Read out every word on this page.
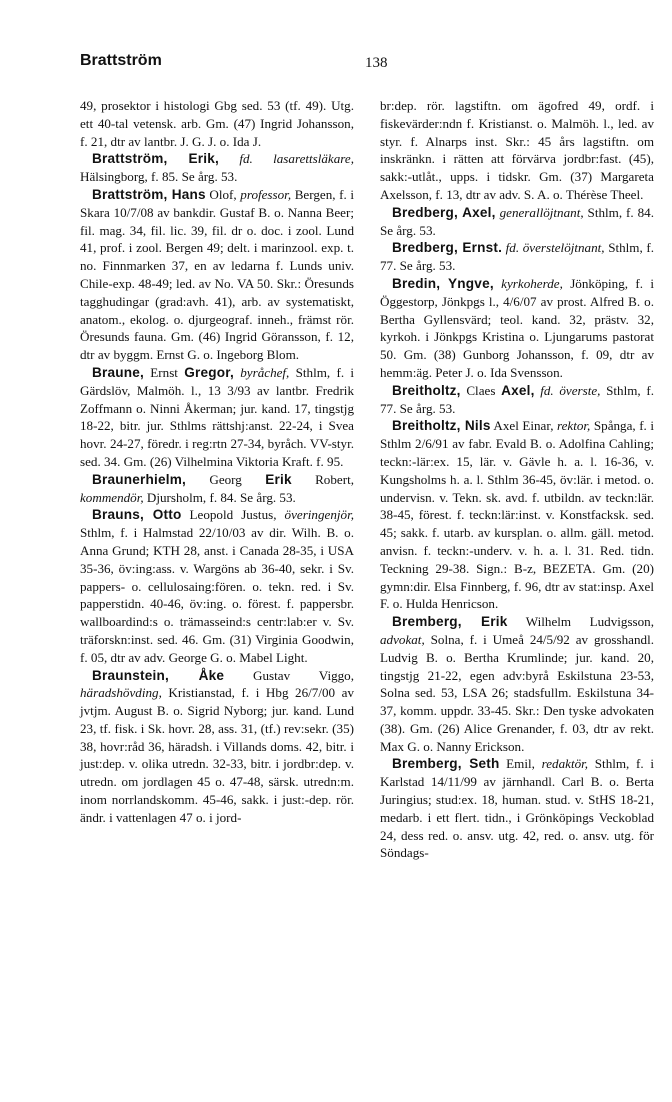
Brattström	138

49, prosektor i histologi Gbg sed. 53 (tf. 49). Utg. ett 40-tal vetensk. arb. Gm. (47) Ingrid Johansson, f. 21, dtr av lantbr. J. G. J. o. Ida J.

Brattström, Erik, fd. lasarettsläkare, Hälsingborg, f. 85. Se årg. 53.

Brattström, Hans Olof, professor, Bergen, f. i Skara 10/7/08 av bankdir. Gustaf B. o. Nanna Beer; fil. mag. 34, fil. lic. 39, fil. dr o. doc. i zool. Lund 41, prof. i zool. Bergen 49; delt. i marinzool. exp. t. no. Finnmarken 37, en av ledarna f. Lunds univ. Chile-exp. 48-49; led. av No. VA 50. Skr.: Öresunds tagghudingar (grad:avh. 41), arb. av systematiskt, anatom., ekolog. o. djurgeograf. inneh., främst rör. Öresunds fauna. Gm. (46) Ingrid Göransson, f. 12, dtr av byggm. Ernst G. o. Ingeborg Blom.

Braune, Ernst Gregor, byråchef, Sthlm, f. i Gärdslöv, Malmöh. l., 13 3/93 av lantbr. Fredrik Zoffmann o. Ninni Åkerman; jur. kand. 17, tingstjg 18-22, bitr. jur. Sthlms rättshj:anst. 22-24, i Svea hovr. 24-27, föredr. i reg:rtn 27-34, byråch. VV-styr. sed. 34. Gm. (26) Vilhelmina Viktoria Kraft. f. 95.

Braunerhielm, Georg Erik Robert, kommendör, Djursholm, f. 84. Se årg. 53.

Brauns, Otto Leopold Justus, överingenjör, Sthlm, f. i Halmstad 22/10/03 av dir. Wilh. B. o. Anna Grund; KTH 28, anst. i Canada 28-35, i USA 35-36, öv:ing:ass. v. Wargöns ab 36-40, sekr. i Sv. pappers- o. cellulosaing:fören. o. tekn. red. i Sv. papperstidn. 40-46, öv:ing. o. förest. f. pappersbr. wallboardind:s o. trämasseind:s centr:lab:er v. Sv. träforskn:inst. sed. 46. Gm. (31) Virginia Goodwin, f. 05, dtr av adv. George G. o. Mabel Light.

Braunstein, Åke Gustav Viggo, häradshövding, Kristianstad, f. i Hbg 26/7/00 av jvtjm. August B. o. Sigrid Nyborg; jur. kand. Lund 23, tf. fisk. i Sk. hovr. 28, ass. 31, (tf.) rev:sekr. (35) 38, hovr:råd 36, häradsh. i Villands doms. 42, bitr. i just:dep. v. olika utredn. 32-33, bitr. i jordbr:dep. v. utredn. om jordlagen 45 o. 47-48, särsk. utredn:m. inom norrlandskomm. 45-46, sakk. i just:-dep. rör. ändr. i vattenlagen 47 o. i jord-

br:dep. rör. lagstiftn. om ägofred 49, ordf. i fiskevärder:ndn f. Kristianst. o. Malmöh. l., led. av styr. f. Alnarps inst. Skr.: 45 års lagstiftn. om inskränkn. i rätten att förvärva jordbr:fast. (45), sakk:-utlåt., upps. i tidskr. Gm. (37) Margareta Axelsson, f. 13, dtr av adv. S. A. o. Thérèse Theel.

Bredberg, Axel, generallöjtnant, Sthlm, f. 84. Se årg. 53.

Bredberg, Ernst. fd. överstelöjtnant, Sthlm, f. 77. Se årg. 53.

Bredin, Yngve, kyrkoherde, Jönköping, f. i Öggestorp, Jönkpgs l., 4/6/07 av prost. Alfred B. o. Bertha Gyllensvärd; teol. kand. 32, prästv. 32, kyrkoh. i Jönkpgs Kristina o. Ljungarums pastorat 50. Gm. (38) Gunborg Johansson, f. 09, dtr av hemm:äg. Peter J. o. Ida Svensson.

Breitholtz, Claes Axel, fd. överste, Sthlm, f. 77. Se årg. 53.

Breitholtz, Nils Axel Einar, rektor, Spånga, f. i Sthlm 2/6/91 av fabr. Evald B. o. Adolfina Cahling; teckn:-lär:ex. 15, lär. v. Gävle h. a. l. 16-36, v. Kungsholms h. a. l. Sthlm 36-45, öv:lär. i metod. o. undervisn. v. Tekn. sk. avd. f. utbildn. av teckn:lär. 38-45, förest. f. teckn:lär:inst. v. Konstfacksk. sed. 45; sakk. f. utarb. av kursplan. o. allm. gäll. metod. anvisn. f. teckn:-underv. v. h. a. l. 31. Red. tidn. Teckning 29-38. Sign.: B-z, BEZETA. Gm. (20) gymn:dir. Elsa Finnberg, f. 96, dtr av stat:insp. Axel F. o. Hulda Henricson.

Bremberg, Erik Wilhelm Ludvigsson, advokat, Solna, f. i Umeå 24/5/92 av grosshandl. Ludvig B. o. Bertha Krumlinde; jur. kand. 20, tingstjg 21-22, egen adv:byrå Eskilstuna 23-53, Solna sed. 53, LSA 26; stadsfullm. Eskilstuna 34-37, komm. uppdr. 33-45. Skr.: Den tyske advokaten (38). Gm. (26) Alice Grenander, f. 03, dtr av rekt. Max G. o. Nanny Erickson.

Bremberg, Seth Emil, redaktör, Sthlm, f. i Karlstad 14/11/99 av järnhandl. Carl B. o. Berta Juringius; stud:ex. 18, human. stud. v. StHS 18-21, medarb. i ett flert. tidn., i Grönköpings Veckoblad 24, dess red. o. ansv. utg. 42, red. o. ansv. utg. för Söndags-
